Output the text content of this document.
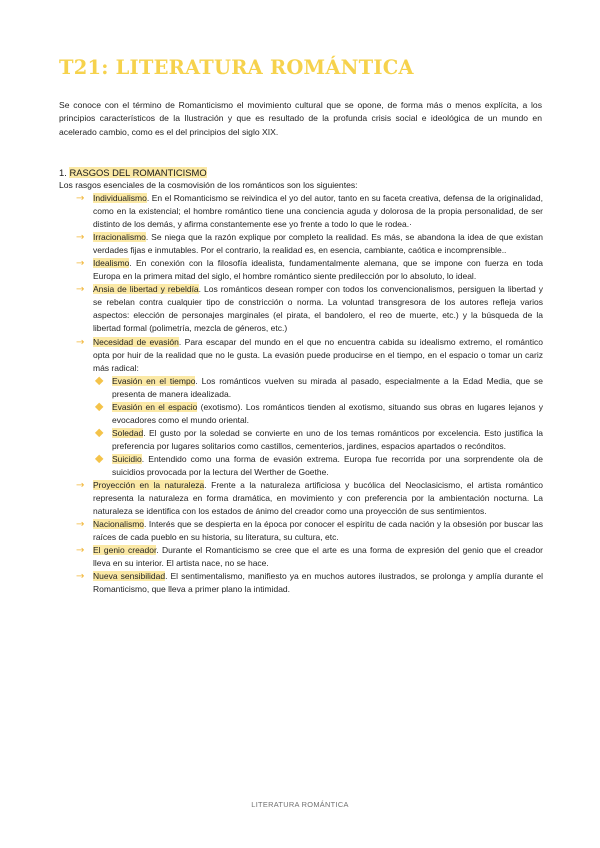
T21: LITERATURA ROMÁNTICA

Se conoce con el término de Romanticismo el movimiento cultural que se opone, de forma más o menos explícita, a los principios característicos de la Ilustración y que es resultado de la profunda crisis social e ideológica de un mundo en acelerado cambio, como es el del principios del siglo XIX.

1. RASGOS DEL ROMANTICISMO
Los rasgos esenciales de la cosmovisión de los románticos son los siguientes:
→ Individualismo. En el Romanticismo se reivindica el yo del autor, tanto en su faceta creativa, defensa de la originalidad, como en la existencial; el hombre romántico tiene una conciencia aguda y dolorosa de la propia personalidad, de ser distinto de los demás, y afirma constantemente ese yo frente a todo lo que le rodea.·
→ Irracionalismo. Se niega que la razón explique por completo la realidad. Es más, se abandona la idea de que existan verdades fijas e inmutables. Por el contrario, la realidad es, en esencia, cambiante, caótica e incomprensible..
→ Idealismo. En conexión con la filosofía idealista, fundamentalmente alemana, que se impone con fuerza en toda Europa en la primera mitad del siglo, el hombre romántico siente predilección por lo absoluto, lo ideal.
→ Ansia de libertad y rebeldía. Los románticos desean romper con todos los convencionalismos, persiguen la libertad y se rebelan contra cualquier tipo de constricción o norma. La voluntad transgresora de los autores refleja varios aspectos: elección de personajes marginales (el pirata, el bandolero, el reo de muerte, etc.) y la búsqueda de la libertad formal (polimetría, mezcla de géneros, etc.)
→ Necesidad de evasión. Para escapar del mundo en el que no encuentra cabida su idealismo extremo, el romántico opta por huir de la realidad que no le gusta. La evasión puede producirse en el tiempo, en el espacio o tomar un cariz más radical:
Evasión en el tiempo. Los románticos vuelven su mirada al pasado, especialmente a la Edad Media, que se presenta de manera idealizada.
Evasión en el espacio (exotismo). Los románticos tienden al exotismo, situando sus obras en lugares lejanos y evocadores como el mundo oriental.
Soledad. El gusto por la soledad se convierte en uno de los temas románticos por excelencia. Esto justifica la preferencia por lugares solitarios como castillos, cementerios, jardines, espacios apartados o recónditos.
Suicidio. Entendido como una forma de evasión extrema. Europa fue recorrida por una sorprendente ola de suicidios provocada por la lectura del Werther de Goethe.
→ Proyección en la naturaleza. Frente a la naturaleza artificiosa y bucólica del Neoclasicismo, el artista romántico representa la naturaleza en forma dramática, en movimiento y con preferencia por la ambientación nocturna. La naturaleza se identifica con los estados de ánimo del creador como una proyección de sus sentimientos.
→ Nacionalismo. Interés que se despierta en la época por conocer el espíritu de cada nación y la obsesión por buscar las raíces de cada pueblo en su historia, su literatura, su cultura, etc.
→ El genio creador. Durante el Romanticismo se cree que el arte es una forma de expresión del genio que el creador lleva en su interior. El artista nace, no se hace.
→ Nueva sensibilidad. El sentimentalismo, manifiesto ya en muchos autores ilustrados, se prolonga y amplía durante el Romanticismo, que lleva a primer plano la intimidad.
LITERATURA ROMÁNTICA
